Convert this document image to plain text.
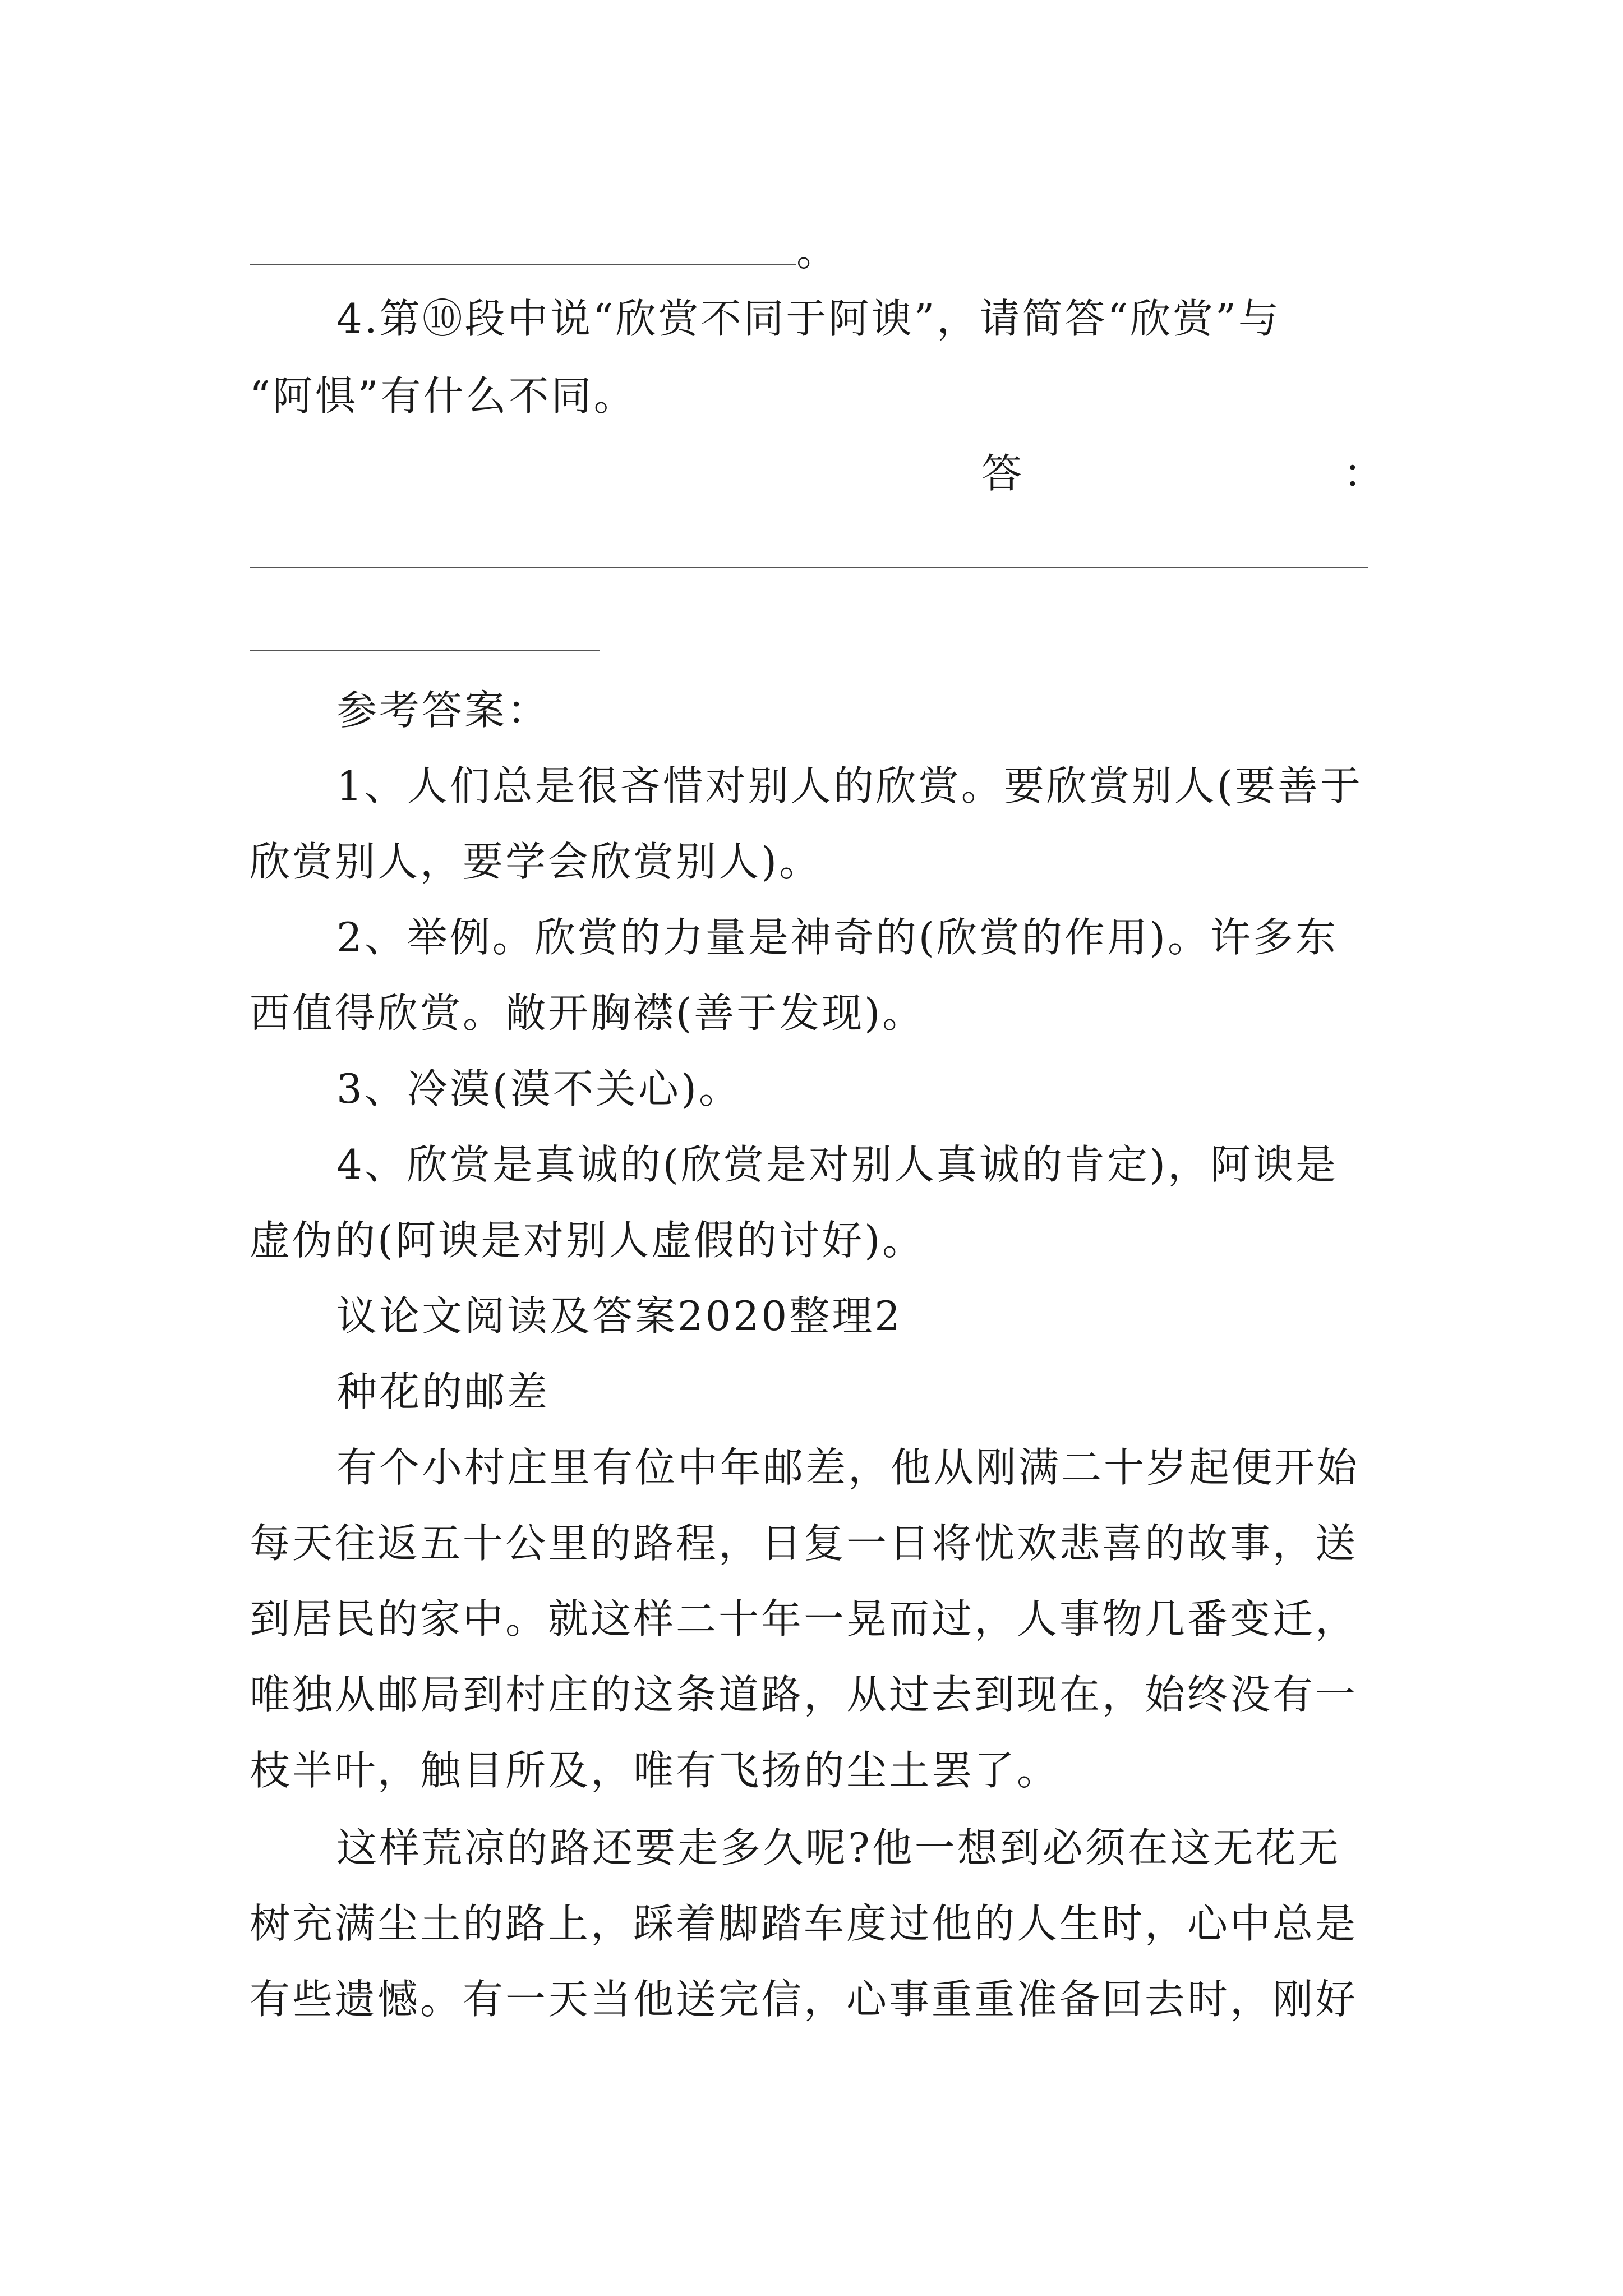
。
4.第⑩段中说“欣赏不同于阿谀”，请简答“欣赏”与
“阿惧”有什么不同。
答	：
参考答案：
1、人们总是很吝惜对别人的欣赏。要欣赏别人(要善于
欣赏别人，要学会欣赏别人)。
2、举例。欣赏的力量是神奇的(欣赏的作用)。许多东
西值得欣赏。敞开胸襟(善于发现)。
3、冷漠(漠不关心)。
4、欣赏是真诚的(欣赏是对别人真诚的肯定)，阿谀是
虚伪的(阿谀是对别人虚假的讨好)。
议论文阅读及答案2020整理2
种花的邮差
有个小村庄里有位中年邮差，他从刚满二十岁起便开始
每天往返五十公里的路程，日复一日将忧欢悲喜的故事，送
到居民的家中。就这样二十年一晃而过，人事物几番变迁，
唯独从邮局到村庄的这条道路，从过去到现在，始终没有一
枝半叶，触目所及，唯有飞扬的尘土罢了。
这样荒凉的路还要走多久呢?他一想到必须在这无花无
树充满尘土的路上，踩着脚踏车度过他的人生时，心中总是
有些遗憾。有一天当他送完信，心事重重准备回去时，刚好
